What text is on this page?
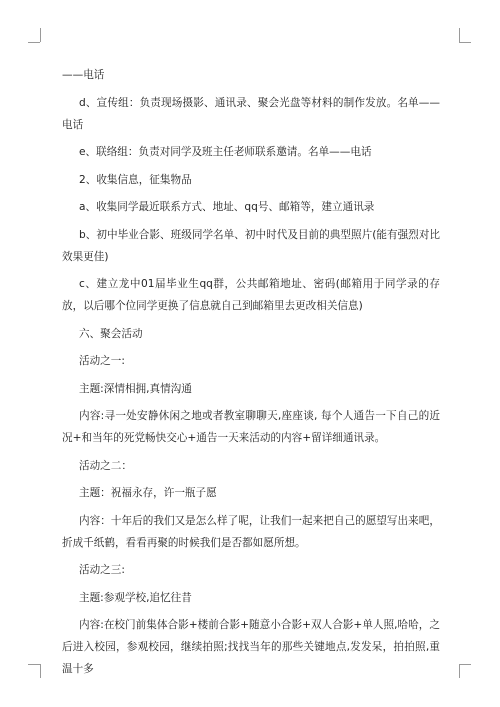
——电话

d、宣传组：负责现场摄影、通讯录、聚会光盘等材料的制作发放。名单——电话

e、联络组：负责对同学及班主任老师联系邀请。名单——电话

2、收集信息，征集物品

a、收集同学最近联系方式、地址、qq号、邮箱等，建立通讯录

b、初中毕业合影、班级同学名单、初中时代及目前的典型照片(能有强烈对比效果更佳)

c、建立龙中01届毕业生qq群，公共邮箱地址、密码(邮箱用于同学录的存放，以后哪个位同学更换了信息就自己到邮箱里去更改相关信息)

六、聚会活动

活动之一:

主题:深情相拥,真情沟通

内容:寻一处安静休闲之地或者教室聊聊天,座座谈, 每个人通告一下自己的近况+和当年的死党畅快交心+通告一天来活动的内容+留详细通讯录。

活动之二：

主题：祝福永存，许一瓶子愿

内容：十年后的我们又是怎么样了呢，让我们一起来把自己的愿望写出来吧，折成千纸鹤，看看再聚的时候我们是否都如愿所想。

活动之三:

主题:参观学校,追忆往昔

内容:在校门前集体合影+楼前合影+随意小合影+双人合影+单人照,哈哈，之后进入校园，参观校园，继续拍照;找找当年的那些关键地点,发发呆，拍拍照,重温十多
